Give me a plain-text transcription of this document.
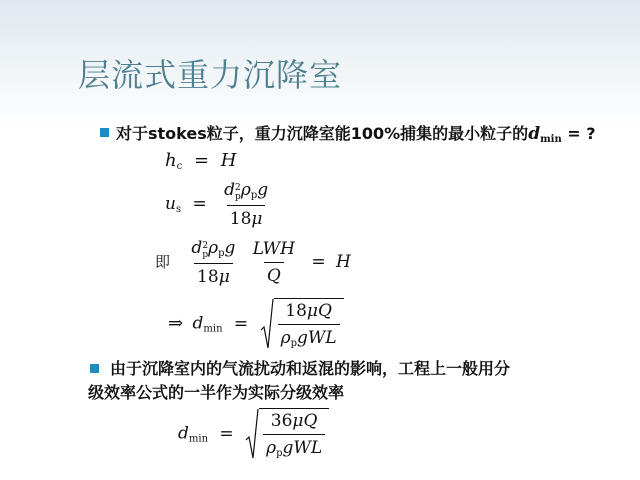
层流式重力沉降室
对于stokes粒子，重力沉降室能100%捕集的最小粒子的$d_{min}$ = ?
$h_c = H$
$u_s = d$ 2
p $\rho_pg$
18μ
即 d 2
p $\rho_pg$
18μ
$\frac{\text{LWH}}{Q} = H$
⇒ $d_{min} = \frac{18\mu Q}{\rho_pgWL}$
由于沉降室内的气流扰动和返混的影响，工程上一般用分
级效率公式的一半作为实际分级效率
$d_{min} = \frac{36\mu Q}{\rho_pgWL}$
